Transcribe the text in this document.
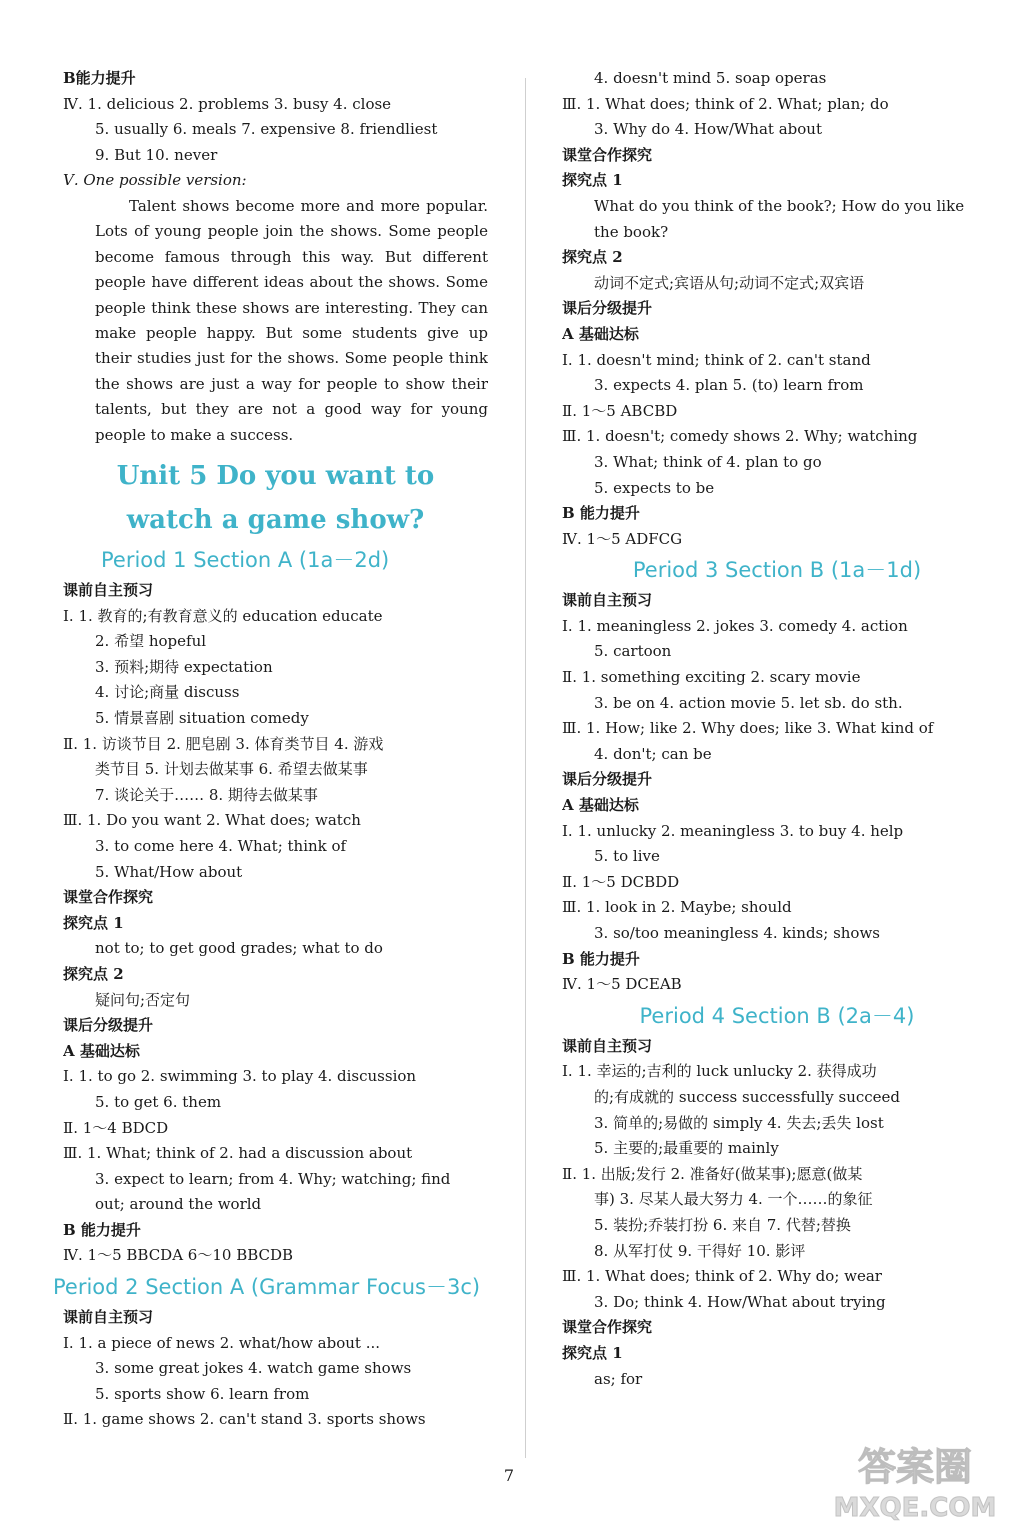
B能力提升
Ⅳ. 1. delicious 2. problems 3. busy 4. close
5. usually 6. meals 7. expensive 8. friendliest
9. But 10. never
Ⅴ. One possible version:
Talent shows become more and more popular. Lots of young people join the shows. Some people become famous through this way. But different people have different ideas about the shows. Some people think these shows are interesting. They can make people happy. But some students give up their studies just for the shows. Some people think the shows are just a way for people to show their talents, but they are not a good way for young people to make a success.
Unit 5 Do you want to
watch a game show?
Period 1 Section A (1a－2d)
课前自主预习
Ⅰ. 1. 教育的;有教育意义的 education educate
2. 希望 hopeful
3. 预料;期待 expectation
4. 讨论;商量 discuss
5. 情景喜剧 situation comedy
Ⅱ. 1. 访谈节目 2. 肥皂剧 3. 体育类节目 4. 游戏
类节目 5. 计划去做某事 6. 希望去做某事
7. 谈论关于…… 8. 期待去做某事
Ⅲ. 1. Do you want 2. What does; watch
3. to come here 4. What; think of
5. What/How about
课堂合作探究
探究点 1
not to; to get good grades; what to do
探究点 2
疑问句;否定句
课后分级提升
A 基础达标
Ⅰ. 1. to go 2. swimming 3. to play 4. discussion
5. to get 6. them
Ⅱ. 1～4 BDCD
Ⅲ. 1. What; think of 2. had a discussion about
3. expect to learn; from 4. Why; watching; find
out; around the world
B 能力提升
Ⅳ. 1～5 BBCDA 6～10 BBCDB
Period 2 Section A (Grammar Focus－3c)
课前自主预习
Ⅰ. 1. a piece of news 2. what/how about ...
3. some great jokes 4. watch game shows
5. sports show 6. learn from
Ⅱ. 1. game shows 2. can't stand 3. sports shows
4. doesn't mind 5. soap operas
Ⅲ. 1. What does; think of 2. What; plan; do
3. Why do 4. How/What about
课堂合作探究
探究点 1
What do you think of the book?; How do you like
the book?
探究点 2
动词不定式;宾语从句;动词不定式;双宾语
课后分级提升
A 基础达标
Ⅰ. 1. doesn't mind; think of 2. can't stand
3. expects 4. plan 5. (to) learn from
Ⅱ. 1～5 ABCBD
Ⅲ. 1. doesn't; comedy shows 2. Why; watching
3. What; think of 4. plan to go
5. expects to be
B 能力提升
Ⅳ. 1～5 ADFCG
Period 3 Section B (1a－1d)
课前自主预习
Ⅰ. 1. meaningless 2. jokes 3. comedy 4. action
5. cartoon
Ⅱ. 1. something exciting 2. scary movie
3. be on 4. action movie 5. let sb. do sth.
Ⅲ. 1. How; like 2. Why does; like 3. What kind of
4. don't; can be
课后分级提升
A 基础达标
Ⅰ. 1. unlucky 2. meaningless 3. to buy 4. help
5. to live
Ⅱ. 1～5 DCBDD
Ⅲ. 1. look in 2. Maybe; should
3. so/too meaningless 4. kinds; shows
B 能力提升
Ⅳ. 1～5 DCEAB
Period 4 Section B (2a－4)
课前自主预习
Ⅰ. 1. 幸运的;吉利的 luck unlucky 2. 获得成功
的;有成就的 success successfully succeed
3. 简单的;易做的 simply 4. 失去;丢失 lost
5. 主要的;最重要的 mainly
Ⅱ. 1. 出版;发行 2. 准备好(做某事);愿意(做某
事) 3. 尽某人最大努力 4. 一个……的象征
5. 装扮;乔装打扮 6. 来自 7. 代替;替换
8. 从军打仗 9. 干得好 10. 影评
Ⅲ. 1. What does; think of 2. Why do; wear
3. Do; think 4. How/What about trying
课堂合作探究
探究点 1
as; for
7	答案圈
MXQE.COM
